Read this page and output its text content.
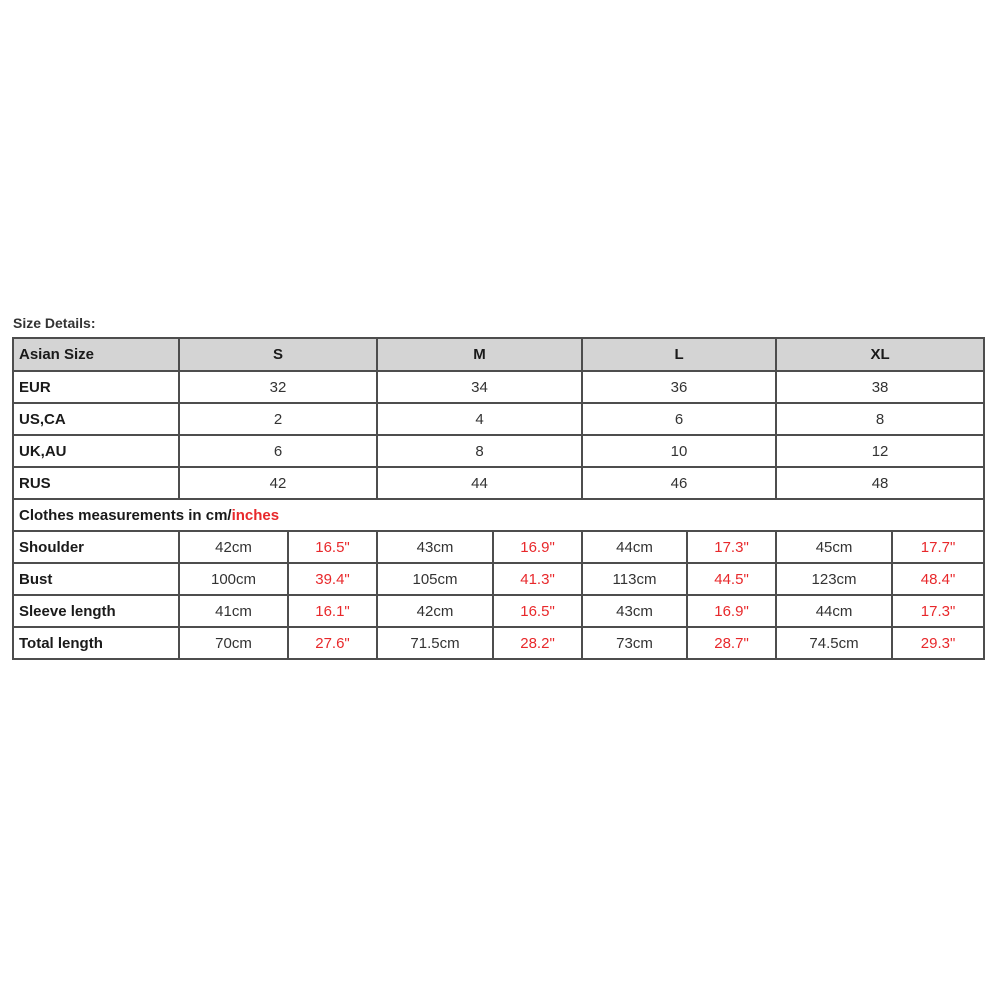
Size Details:
Asian Size	S		M		L		XL	
EUR	32		34		36		38	
US,CA	2		4		6		8	
UK,AU	6		8		10		12	
RUS	42		44		46		48	
Clothes measurements in cm/inches								
Shoulder	42cm	16.5"	43cm	16.9"	44cm	17.3"	45cm	17.7"
Bust	100cm	39.4"	105cm	41.3"	113cm	44.5"	123cm	48.4"
Sleeve length	41cm	16.1"	42cm	16.5"	43cm	16.9"	44cm	17.3"
Total length	70cm	27.6"	71.5cm	28.2"	73cm	28.7"	74.5cm	29.3"
